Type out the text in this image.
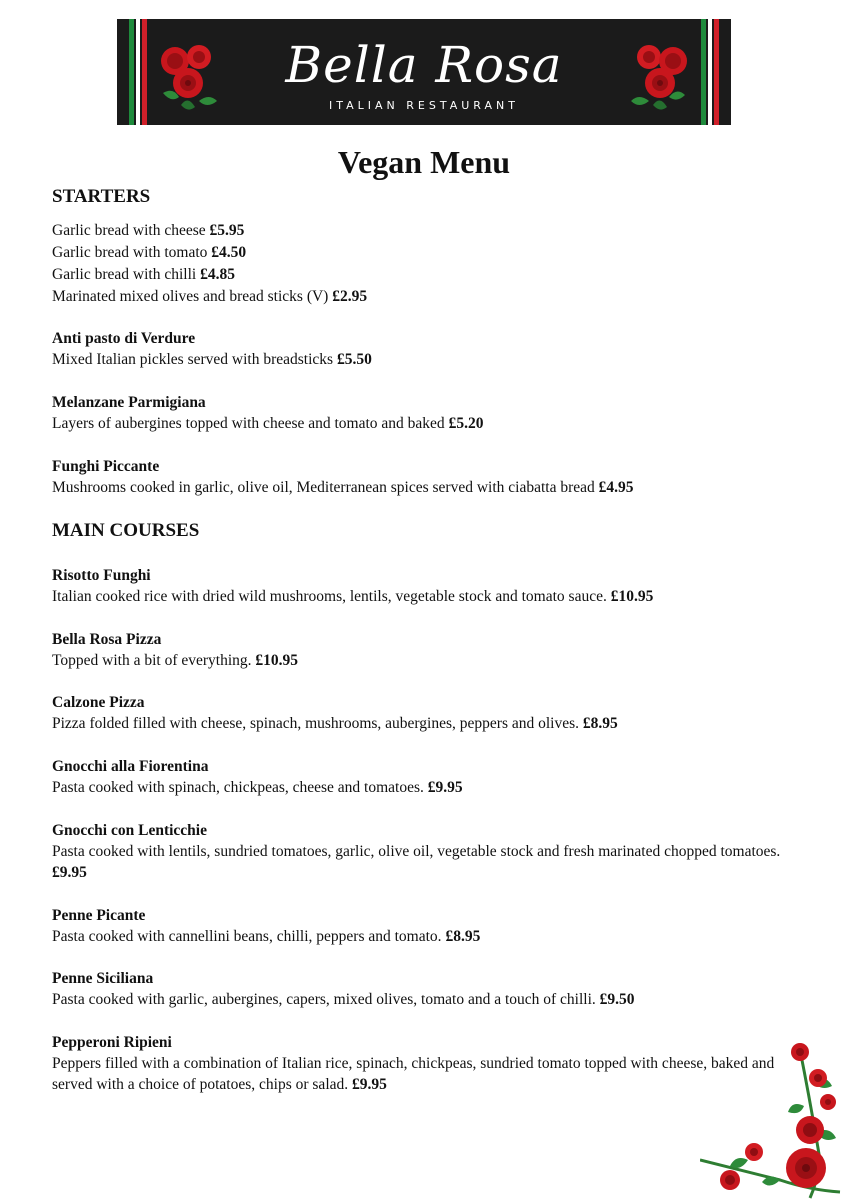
Bella Rosa
ITALIAN RESTAURANT
Vegan Menu
STARTERS
Garlic bread with cheese £5.95
Garlic bread with tomato £4.50
Garlic bread with chilli £4.85
Marinated mixed olives and bread sticks (V) £2.95
Anti pasto di Verdure
Mixed Italian pickles served with breadsticks £5.50
Melanzane Parmigiana
Layers of aubergines topped with cheese and tomato and baked £5.20
Funghi Piccante
Mushrooms cooked in garlic, olive oil, Mediterranean spices served with ciabatta bread £4.95
MAIN COURSES
Risotto Funghi
Italian cooked rice with dried wild mushrooms, lentils, vegetable stock and tomato sauce. £10.95
Bella Rosa Pizza
Topped with a bit of everything. £10.95
Calzone Pizza
Pizza folded filled with cheese, spinach, mushrooms, aubergines, peppers and olives. £8.95
Gnocchi alla Fiorentina
Pasta cooked with spinach, chickpeas, cheese and tomatoes. £9.95
Gnocchi con Lenticchie
Pasta cooked with lentils, sundried tomatoes, garlic, olive oil, vegetable stock and fresh marinated chopped tomatoes. £9.95
Penne Picante
Pasta cooked with cannellini beans, chilli, peppers and tomato. £8.95
Penne Siciliana
Pasta cooked with garlic, aubergines, capers, mixed olives, tomato and a touch of chilli. £9.50
Pepperoni Ripieni
Peppers filled with a combination of Italian rice, spinach, chickpeas, sundried tomato topped with cheese, baked and served with a choice of potatoes, chips or salad. £9.95
